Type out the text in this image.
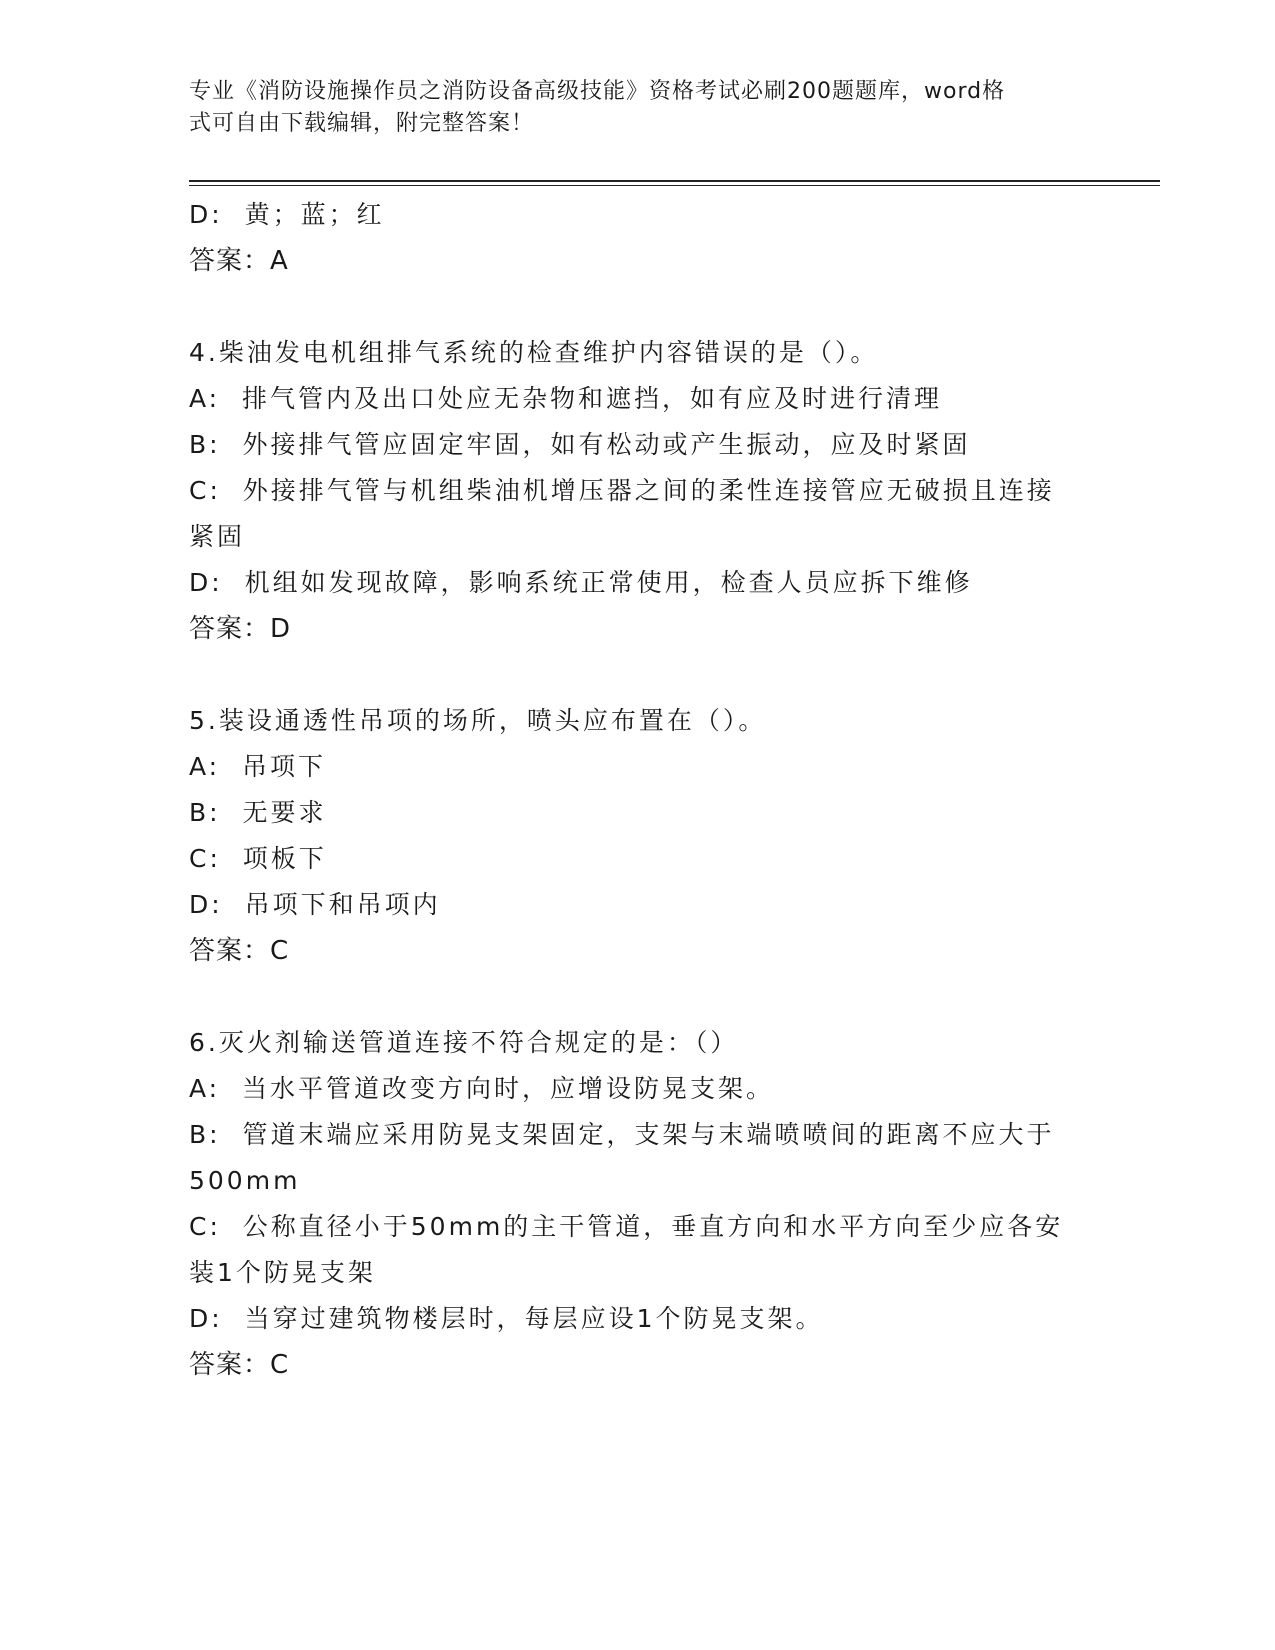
专业《消防设施操作员之消防设备高级技能》资格考试必刷200题题库，word格
式可自由下载编辑，附完整答案！
D:  黄；蓝；红
答案：A
4.柴油发电机组排气系统的检查维护内容错误的是（）。
A:  排气管内及出口处应无杂物和遮挡，如有应及时进行清理
B:  外接排气管应固定牢固，如有松动或产生振动，应及时紧固
C:  外接排气管与机组柴油机增压器之间的柔性连接管应无破损且连接
紧固
D:  机组如发现故障，影响系统正常使用，检查人员应拆下维修
答案：D
5.装设通透性吊项的场所，喷头应布置在（）。
A:  吊项下
B:  无要求
C:  项板下
D:  吊项下和吊项内
答案：C
6.灭火剂输送管道连接不符合规定的是：（）
A:  当水平管道改变方向时，应增设防晃支架。
B:  管道末端应采用防晃支架固定，支架与末端喷喷间的距离不应大于
500mm
C:  公称直径小于50mm的主干管道，垂直方向和水平方向至少应各安
装1个防晃支架
D:  当穿过建筑物楼层时，每层应设1个防晃支架。
答案：C
